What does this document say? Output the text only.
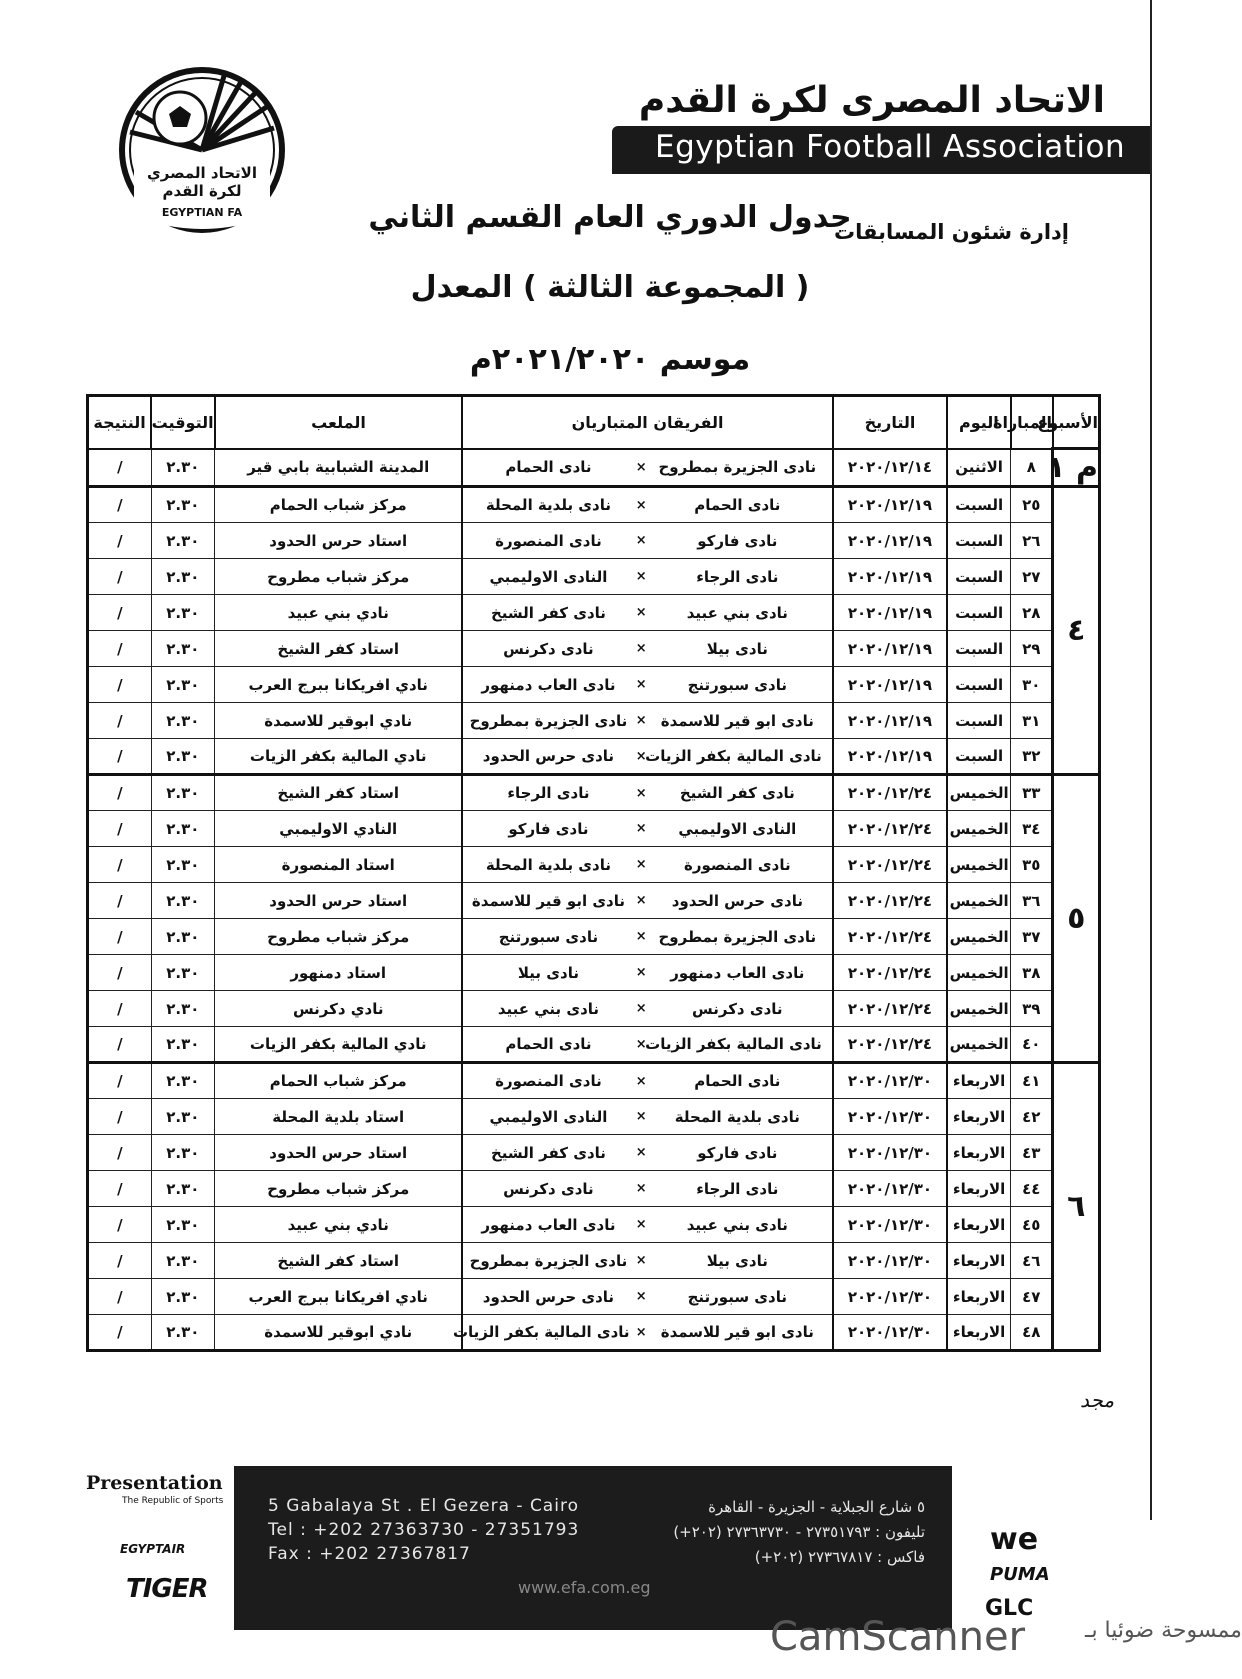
الاتحاد المصري
لكرة القدم
EGYPTIAN FA
الاتحاد المصرى لكرة القدم
Egyptian Football Association
جدول الدوري العام القسم الثاني
إدارة شئون المسابقات
( المجموعة الثالثة ) المعدل
موسم ٢٠٢١/٢٠٢٠م
الأسبوع	المباراة	اليوم	التاريخ	الفريقان المتباريان			الملعب	التوقيت	النتيجة
م ١	٨	الاثنين	٢٠٢٠/١٢/١٤	نادى الجزيرة بمطروح	×	نادى الحمام	المدينة الشبابية بابي قير	٢.٣٠	/
٤	٢٥	السبت	٢٠٢٠/١٢/١٩	نادى الحمام	×	نادى بلدية المحلة	مركز شباب الحمام	٢.٣٠	/
	٢٦	السبت	٢٠٢٠/١٢/١٩	نادى فاركو	×	نادى المنصورة	استاد حرس الحدود	٢.٣٠	/
	٢٧	السبت	٢٠٢٠/١٢/١٩	نادى الرجاء	×	النادى الاوليمبي	مركز شباب مطروح	٢.٣٠	/
	٢٨	السبت	٢٠٢٠/١٢/١٩	نادى بني عبيد	×	نادى كفر الشيخ	نادي بني عبيد	٢.٣٠	/
	٢٩	السبت	٢٠٢٠/١٢/١٩	نادى بيلا	×	نادى دكرنس	استاد كفر الشيخ	٢.٣٠	/
	٣٠	السبت	٢٠٢٠/١٢/١٩	نادى سبورتنج	×	نادى العاب دمنهور	نادي افريكانا ببرج العرب	٢.٣٠	/
	٣١	السبت	٢٠٢٠/١٢/١٩	نادى ابو قير للاسمدة	×	نادى الجزيرة بمطروح	نادي ابوقير للاسمدة	٢.٣٠	/
	٣٢	السبت	٢٠٢٠/١٢/١٩	نادى المالية بكفر الزيات	×	نادى حرس الحدود	نادي المالية بكفر الزيات	٢.٣٠	/
٥	٣٣	الخميس	٢٠٢٠/١٢/٢٤	نادى كفر الشيخ	×	نادى الرجاء	استاد كفر الشيخ	٢.٣٠	/
	٣٤	الخميس	٢٠٢٠/١٢/٢٤	النادى الاوليمبي	×	نادى فاركو	النادي الاوليمبي	٢.٣٠	/
	٣٥	الخميس	٢٠٢٠/١٢/٢٤	نادى المنصورة	×	نادى بلدية المحلة	استاد المنصورة	٢.٣٠	/
	٣٦	الخميس	٢٠٢٠/١٢/٢٤	نادى حرس الحدود	×	نادى ابو قير للاسمدة	استاد حرس الحدود	٢.٣٠	/
	٣٧	الخميس	٢٠٢٠/١٢/٢٤	نادى الجزيرة بمطروح	×	نادى سبورتنج	مركز شباب مطروح	٢.٣٠	/
	٣٨	الخميس	٢٠٢٠/١٢/٢٤	نادى العاب دمنهور	×	نادى بيلا	استاد دمنهور	٢.٣٠	/
	٣٩	الخميس	٢٠٢٠/١٢/٢٤	نادى دكرنس	×	نادى بني عبيد	نادي دكرنس	٢.٣٠	/
	٤٠	الخميس	٢٠٢٠/١٢/٢٤	نادى المالية بكفر الزيات	×	نادى الحمام	نادي المالية بكفر الزيات	٢.٣٠	/
٦	٤١	الاربعاء	٢٠٢٠/١٢/٣٠	نادى الحمام	×	نادى المنصورة	مركز شباب الحمام	٢.٣٠	/
	٤٢	الاربعاء	٢٠٢٠/١٢/٣٠	نادى بلدية المحلة	×	النادى الاوليمبي	استاد بلدية المحلة	٢.٣٠	/
	٤٣	الاربعاء	٢٠٢٠/١٢/٣٠	نادى فاركو	×	نادى كفر الشيخ	استاد حرس الحدود	٢.٣٠	/
	٤٤	الاربعاء	٢٠٢٠/١٢/٣٠	نادى الرجاء	×	نادى دكرنس	مركز شباب مطروح	٢.٣٠	/
	٤٥	الاربعاء	٢٠٢٠/١٢/٣٠	نادى بني عبيد	×	نادى العاب دمنهور	نادي بني عبيد	٢.٣٠	/
	٤٦	الاربعاء	٢٠٢٠/١٢/٣٠	نادى بيلا	×	نادى الجزيرة بمطروح	استاد كفر الشيخ	٢.٣٠	/
	٤٧	الاربعاء	٢٠٢٠/١٢/٣٠	نادى سبورتنج	×	نادى حرس الحدود	نادي افريكانا ببرج العرب	٢.٣٠	/
	٤٨	الاربعاء	٢٠٢٠/١٢/٣٠	نادى ابو قير للاسمدة	×	نادى المالية بكفر الزيات	نادي ابوقير للاسمدة	٢.٣٠	/
مجد
Presentation
The Republic of Sports
EGYPTAIR
TIGER
5 Gabalaya St . El Gezera - Cairo
Tel : +202 27363730 - 27351793
Fax : +202 27367817
٥ شارع الجبلاية - الجزيرة - القاهرة
تليفون : ٢٧٣٥١٧٩٣ - ٢٧٣٦٣٧٣٠ (٢٠٢+)
فاكس : ٢٧٣٦٧٨١٧ (٢٠٢+)
www.efa.com.eg
we
PUMA
GLC
CamScanner	ممسوحة ضوئيا بـ
